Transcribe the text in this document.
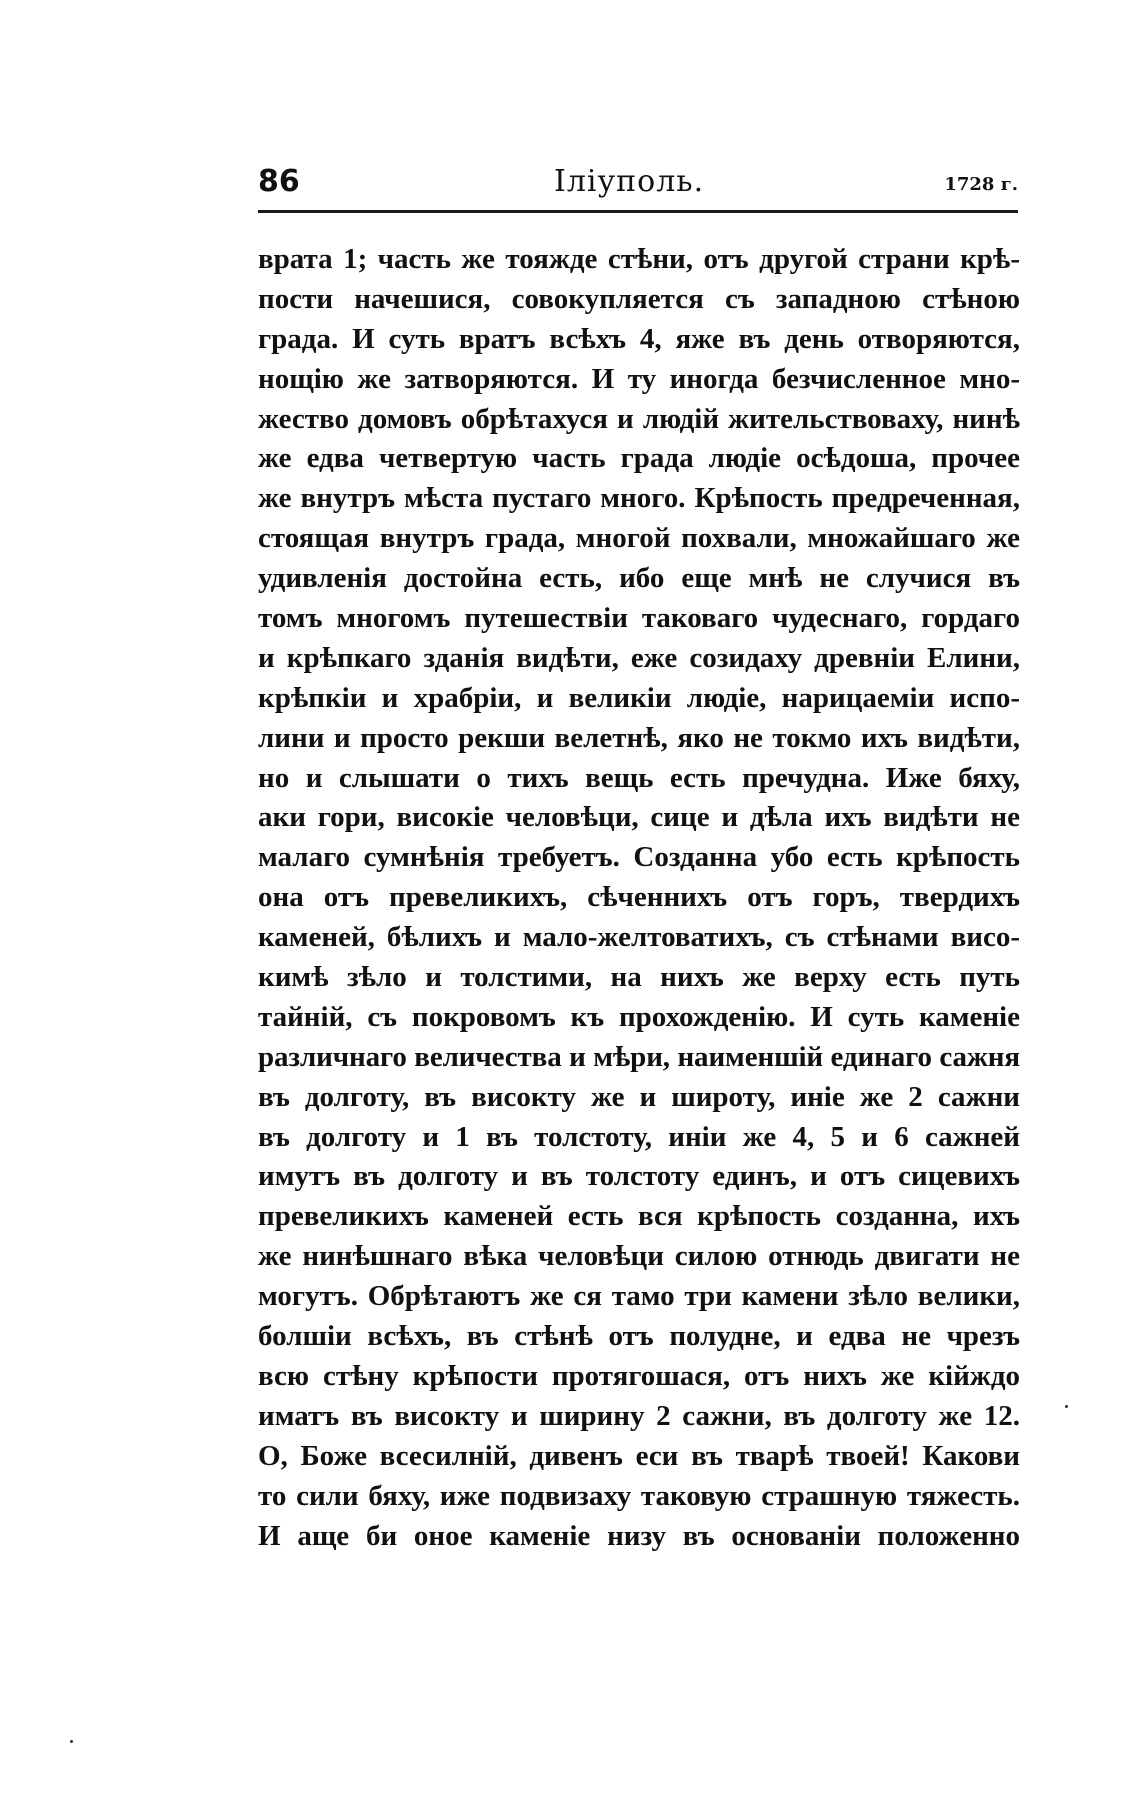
86	Іліуполь.	1728 г.
врата 1; часть же тояжде стѣни, отъ другой страни крѣ-
пости начешися, совокупляется съ западною стѣною
града. И суть вратъ всѣхъ 4, яже въ день отворяются,
нощію же затворяются. И ту иногда безчисленное мно-
жество домовъ обрѣтахуся и людій жительствоваху, нинѣ
же едва четвертую часть града людіе осѣдоша, прочее
же внутръ мѣста пустаго много. Крѣпость предреченная,
стоящая внутръ града, многой похвали, множайшаго же
удивленія достойна есть, ибо еще мнѣ не случися въ
томъ многомъ путешествіи таковаго чудеснаго, гордаго
и крѣпкаго зданія видѣти, еже созидаху древніи Елини,
крѣпкіи и храбріи, и великіи людіе, нарицаеміи испо-
лини и просто рекши велетнѣ, яко не токмо ихъ видѣти,
но и слышати о тихъ вещь есть пречудна. Иже бяху,
аки гори, високіе человѣци, сице и дѣла ихъ видѣти не
малаго сумнѣнія требуетъ. Созданна убо есть крѣпость
она отъ превеликихъ, сѣченнихъ отъ горъ, твердихъ
каменей, бѣлихъ и мало-желтоватихъ, съ стѣнами висо-
кимѣ зѣло и толстими, на нихъ же верху есть путь
тайній, съ покровомъ къ прохожденію. И суть каменіе
различнаго величества и мѣри, наименшій единаго сажня
въ долготу, въ високту же и широту, иніе же 2 сажни
въ долготу и 1 въ толстоту, иніи же 4, 5 и 6 сажней
имутъ въ долготу и въ толстоту единъ, и отъ сицевихъ
превеликихъ каменей есть вся крѣпость созданна, ихъ
же нинѣшнаго вѣка человѣци силою отнюдь двигати не
могутъ. Обрѣтаютъ же ся тамо три камени зѣло велики,
болшіи всѣхъ, въ стѣнѣ отъ полудне, и едва не чрезъ
всю стѣну крѣпости протягошася, отъ нихъ же кійждо
иматъ въ високту и ширину 2 сажни, въ долготу же 12.
О, Боже всесилній, дивенъ еси въ тварѣ твоей! Какови
то сили бяху, иже подвизаху таковую страшную тяжесть.
И аще би оное каменіе низу въ основаніи положенно
